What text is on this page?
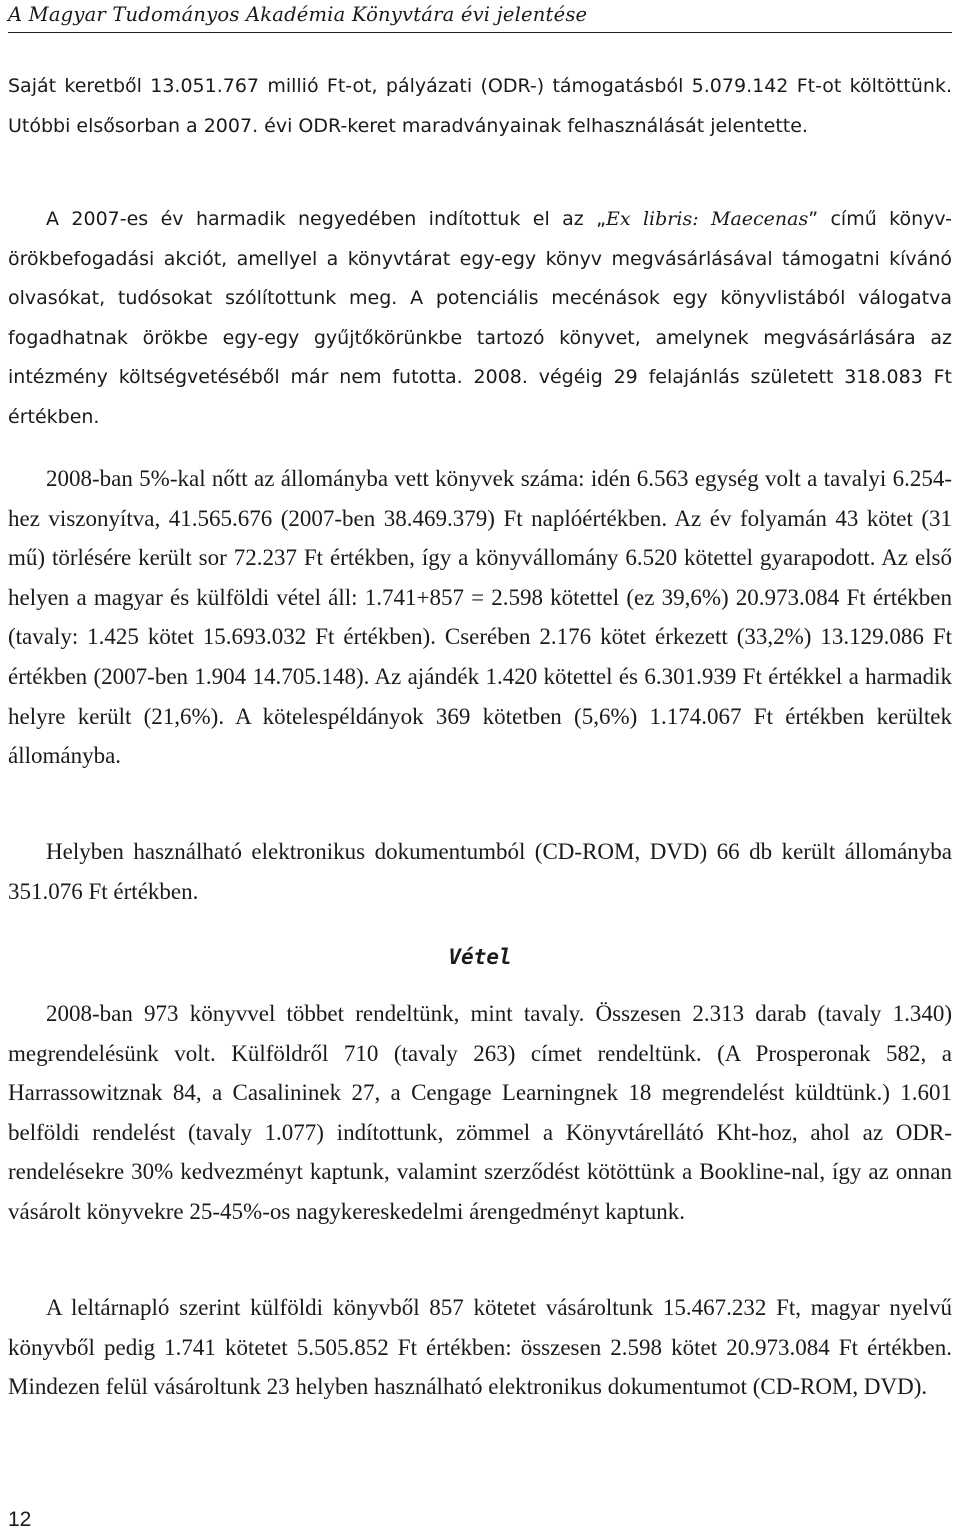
A Magyar Tudományos Akadémia Könyvtára évi jelentése

Saját keretből 13.051.767 millió Ft-ot, pályázati (ODR-) támogatásból 5.079.142 Ft-ot költöttünk. Utóbbi elsősorban a 2007. évi ODR-keret maradványainak felhasználását jelentette.

A 2007-es év harmadik negyedében indítottuk el az „Ex libris: Maecenas” című könyv-örökbefogadási akciót, amellyel a könyvtárat egy-egy könyv megvásárlásával támogatni kívánó olvasókat, tudósokat szólítottunk meg. A potenciális mecénások egy könyvlistából válogatva fogadhatnak örökbe egy-egy gyűjtőkörünkbe tartozó könyvet, amelynek megvásárlására az intézmény költségvetéséből már nem futotta. 2008. végéig 29 felajánlás született 318.083 Ft értékben.

2008-ban 5%-kal nőtt az állományba vett könyvek száma: idén 6.563 egység volt a tavalyi 6.254-hez viszonyítva, 41.565.676 (2007-ben 38.469.379) Ft naplóértékben. Az év folyamán 43 kötet (31 mű) törlésére került sor 72.237 Ft értékben, így a könyvállomány 6.520 kötettel gyarapodott. Az első helyen a magyar és külföldi vétel áll: 1.741+857 = 2.598 kötettel (ez 39,6%) 20.973.084 Ft értékben (tavaly: 1.425 kötet 15.693.032 Ft értékben). Cserében 2.176 kötet érkezett (33,2%) 13.129.086 Ft értékben (2007-ben 1.904 14.705.148). Az ajándék 1.420 kötettel és 6.301.939 Ft értékkel a harmadik helyre került (21,6%). A kötelespéldányok 369 kötetben (5,6%) 1.174.067 Ft értékben kerültek állományba.

Helyben használható elektronikus dokumentumból (CD-ROM, DVD) 66 db került állományba 351.076 Ft értékben.

Vétel

2008-ban 973 könyvvel többet rendeltünk, mint tavaly. Összesen 2.313 darab (tavaly 1.340) megrendelésünk volt. Külföldről 710 (tavaly 263) címet rendeltünk. (A Prosperonak 582, a Harrassowitznak 84, a Casalininek 27, a Cengage Learningnek 18 megrendelést küldtünk.) 1.601 belföldi rendelést (tavaly 1.077) indítottunk, zömmel a Könyvtárellátó Kht-hoz, ahol az ODR-rendelésekre 30% kedvezményt kaptunk, valamint szerződést kötöttünk a Bookline-nal, így az onnan vásárolt könyvekre 25-45%-os nagykereskedelmi árengedményt kaptunk.

A leltárnapló szerint külföldi könyvből 857 kötetet vásároltunk 15.467.232 Ft, magyar nyelvű könyvből pedig 1.741 kötetet 5.505.852 Ft értékben: összesen 2.598 kötet 20.973.084 Ft értékben. Mindezen felül vásároltunk 23 helyben használható elektronikus dokumentumot (CD-ROM, DVD).

12
